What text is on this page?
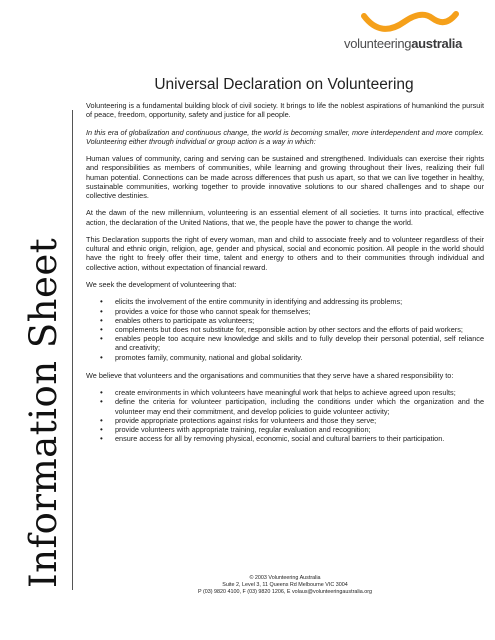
volunteeringaustralia
Information Sheet
Universal Declaration on Volunteering

Volunteering is a fundamental building block of civil society. It brings to life the noblest aspirations of humankind the pursuit of peace, freedom, opportunity, safety and justice for all people.

In this era of globalization and continuous change, the world is becoming smaller, more interdependent and more complex. Volunteering either through individual or group action is a way in which:

Human values of community, caring and serving can be sustained and strengthened. Individuals can exercise their rights and responsibilities as members of communities, while learning and growing throughout their lives, realizing their full human potential. Connections can be made across differences that push us apart, so that we can live together in healthy, sustainable communities, working together to provide innovative solutions to our shared challenges and to shape our collective destinies.

At the dawn of the new millennium, volunteering is an essential element of all societies. It turns into practical, effective action, the declaration of the United Nations, that we, the people have the power to change the world.

This Declaration supports the right of every woman, man and child to associate freely and to volunteer regardless of their cultural and ethnic origin, religion, age, gender and physical, social and economic position. All people in the world should have the right to freely offer their time, talent and energy to others and to their communities through individual and collective action, without expectation of financial reward.

We seek the development of volunteering that:

• elicits the involvement of the entire community in identifying and addressing its problems;
• provides a voice for those who cannot speak for themselves;
• enables others to participate as volunteers;
• complements but does not substitute for, responsible action by other sectors and the efforts of paid workers;
• enables people too acquire new knowledge and skills and to fully develop their personal potential, self reliance and creativity;
• promotes family, community, national and global solidarity.

We believe that volunteers and the organisations and communities that they serve have a shared responsibility to:

• create environments in which volunteers have meaningful work that helps to achieve agreed upon results;
• define the criteria for volunteer participation, including the conditions under which the organization and the volunteer may end their commitment, and develop policies to guide volunteer activity;
• provide appropriate protections against risks for volunteers and those they serve;
• provide volunteers with appropriate training, regular evaluation and recognition;
• ensure access for all by removing physical, economic, social and cultural barriers to their participation.
© 2003 Volunteering Australia
Suite 2, Level 3, 11 Queens Rd Melbourne VIC 3004
P (03) 9820 4100, F (03) 9820 1206, E volaus@volunteeringaustralia.org
